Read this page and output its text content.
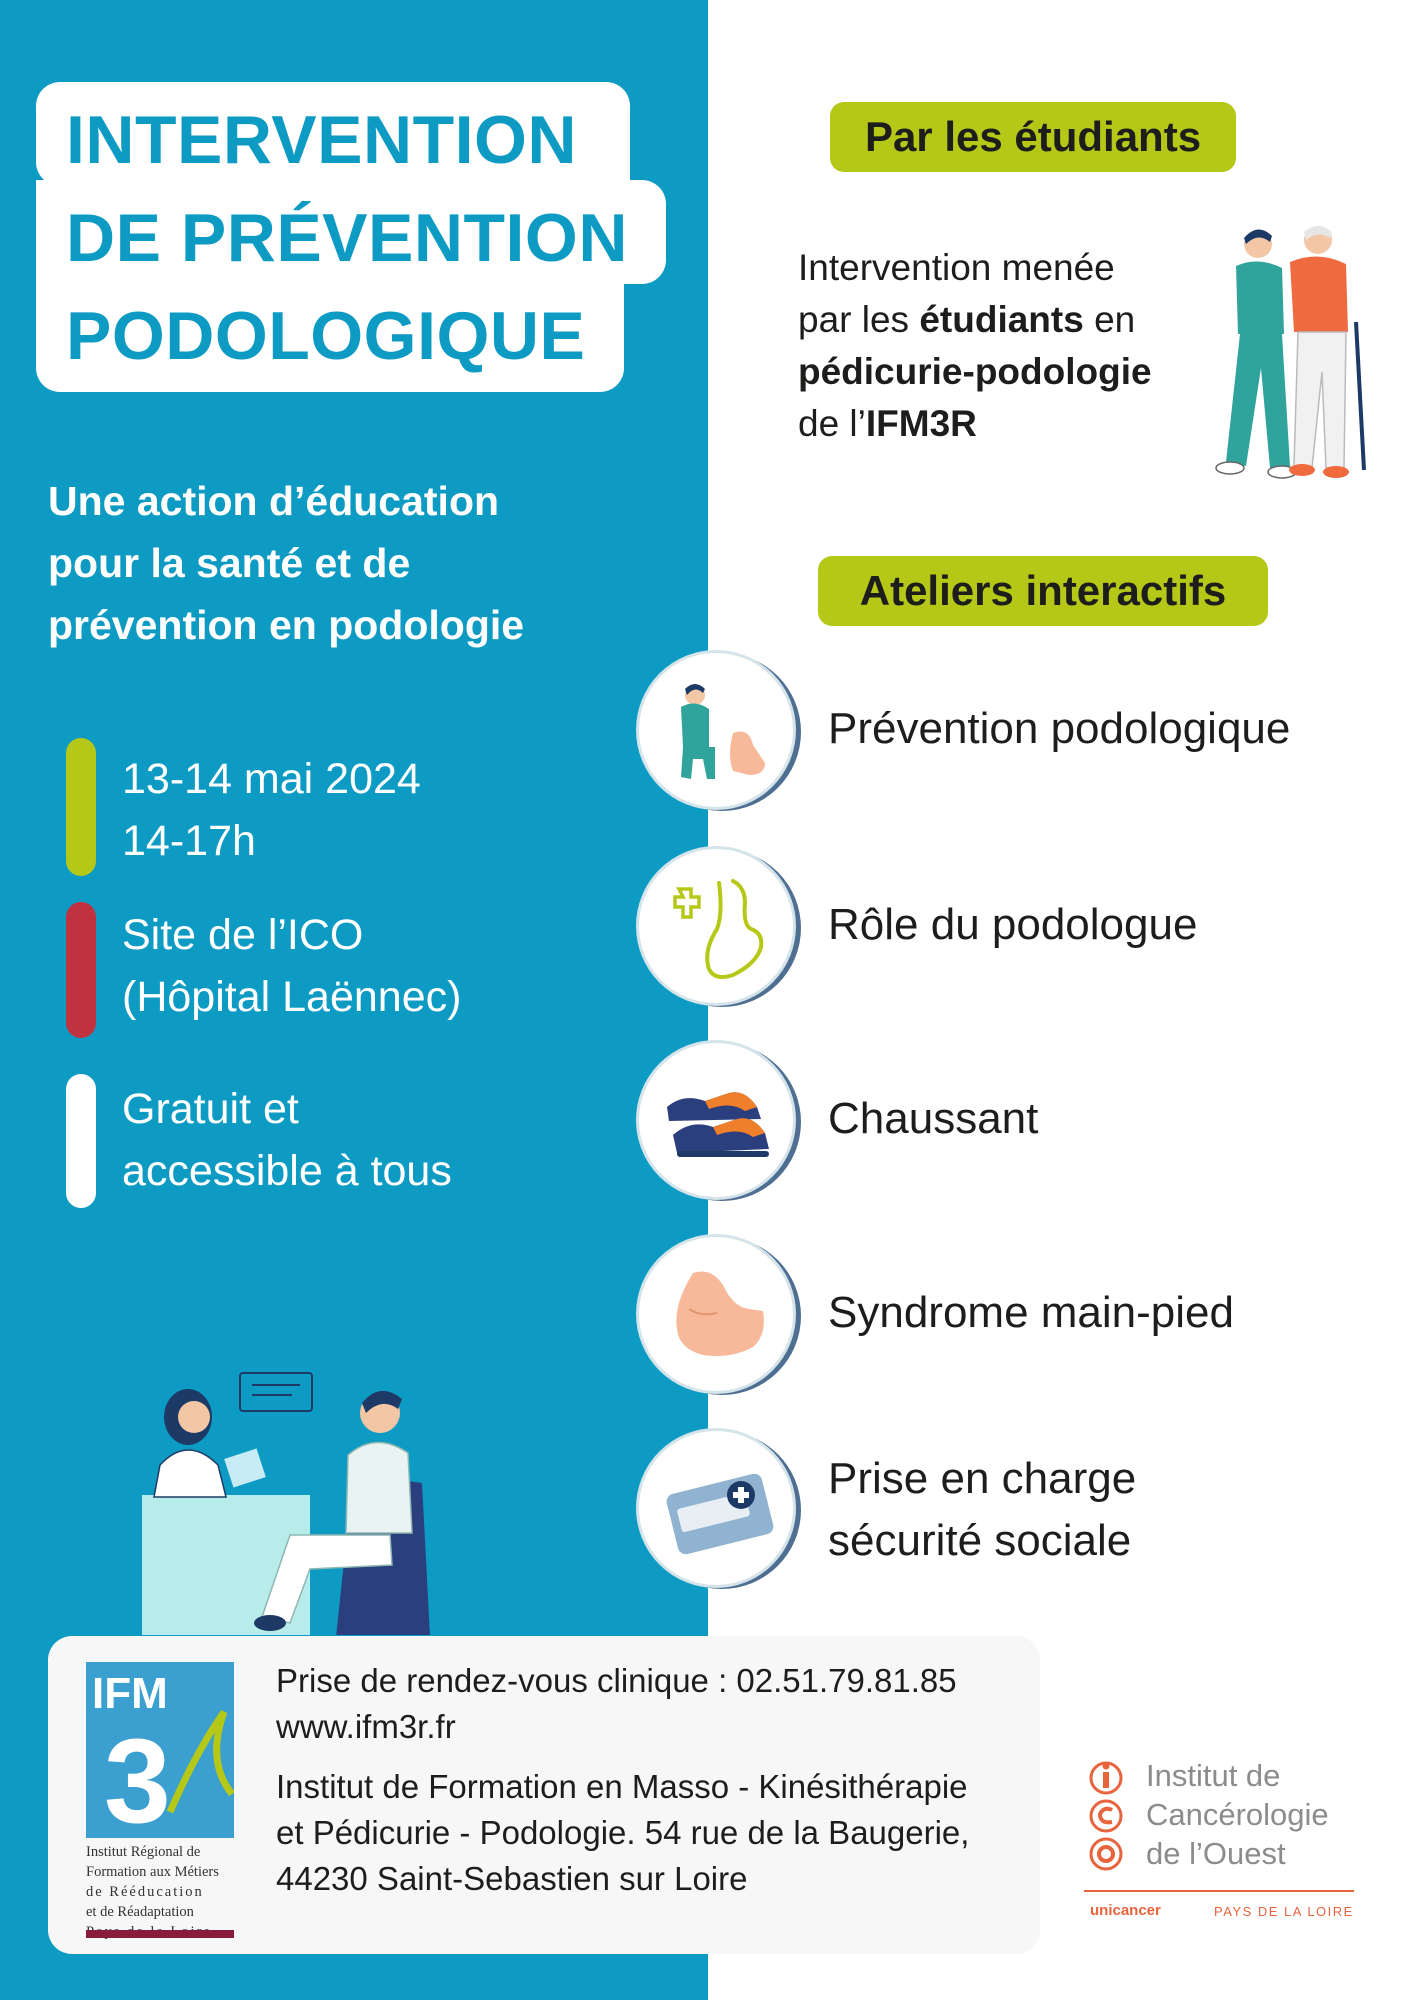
INTERVENTION
DE PRÉVENTION
PODOLOGIQUE
Une action d’éducation
pour la santé et de
prévention en podologie
13-14 mai 2024
14-17h
Site de l’ICO
(Hôpital Laënnec)
Gratuit et
accessible à tous
Par les étudiants
Intervention menée
par les étudiants en
pédicurie-podologie
de l’IFM3R
Ateliers interactifs
Prévention podologique
Rôle du podologue
Chaussant
Syndrome main-pied
Prise en charge
sécurité sociale
IFM
3
Institut Régional de
Formation aux Métiers
de Rééducation
et de Réadaptation
Prise de rendez-vous clinique : 02.51.79.81.85
www.ifm3r.fr
Institut de Formation en Masso - Kinésithérapie
et Pédicurie - Podologie. 54 rue de la Baugerie,
44230 Saint-Sebastien sur Loire
Institut de
Cancérologie
de l’Ouest
unicancer	PAYS DE LA LOIRE
